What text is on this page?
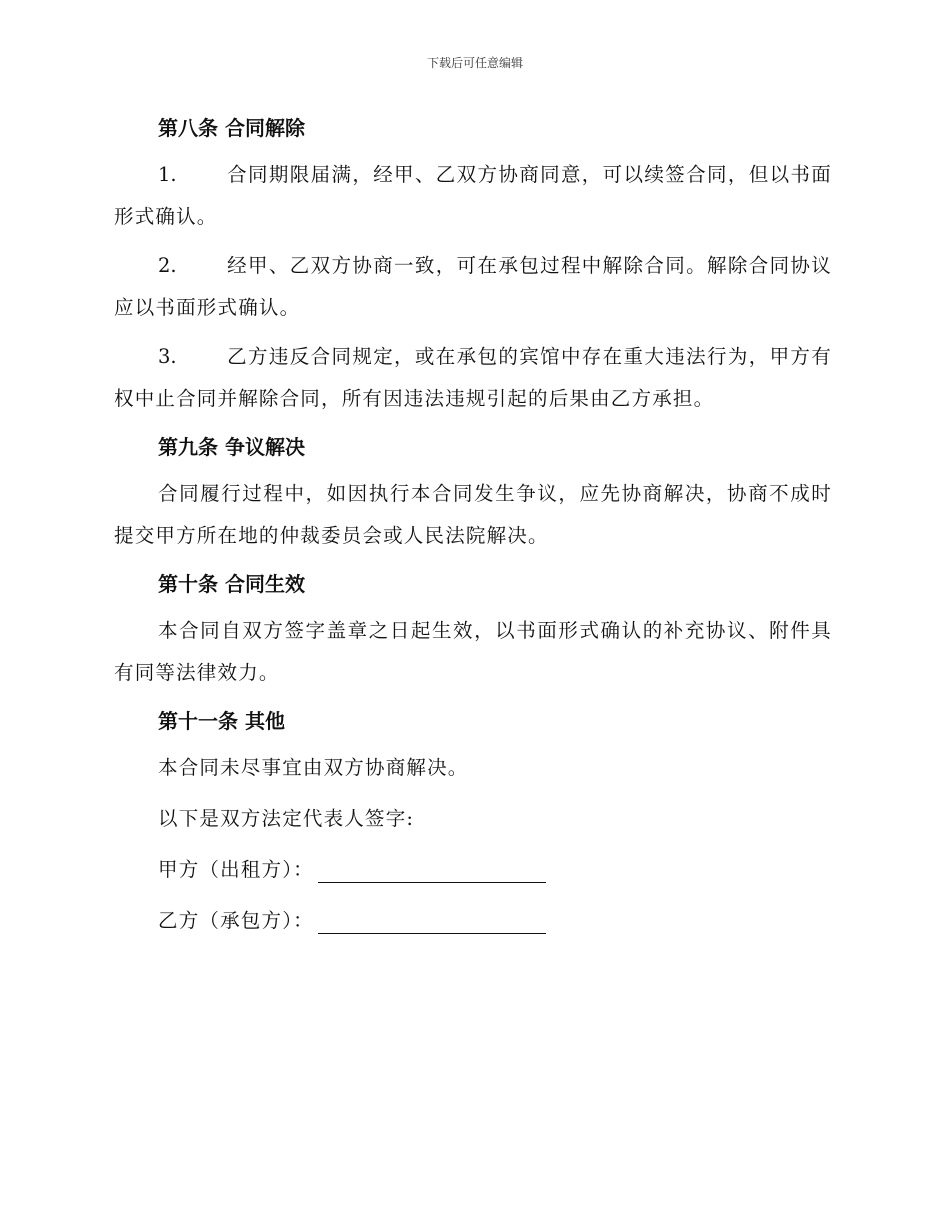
下载后可任意编辑
第八条 合同解除
1.	合同期限届满，经甲、乙双方协商同意，可以续签合同，但以书面形式确认。
2.	经甲、乙双方协商一致，可在承包过程中解除合同。解除合同协议应以书面形式确认。
3.	乙方违反合同规定，或在承包的宾馆中存在重大违法行为，甲方有权中止合同并解除合同，所有因违法违规引起的后果由乙方承担。
第九条 争议解决
合同履行过程中，如因执行本合同发生争议，应先协商解决，协商不成时提交甲方所在地的仲裁委员会或人民法院解决。
第十条 合同生效
本合同自双方签字盖章之日起生效，以书面形式确认的补充协议、附件具有同等法律效力。
第十一条 其他
本合同未尽事宜由双方协商解决。
以下是双方法定代表人签字:
甲方（出租方）：
乙方（承包方）：
